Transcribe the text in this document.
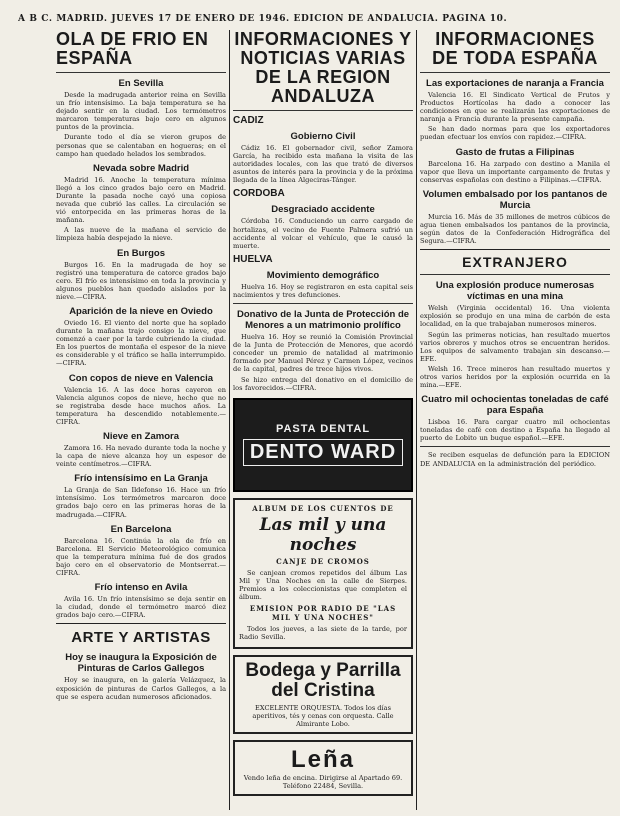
A B C. MADRID. JUEVES 17 DE ENERO DE 1946. EDICION DE ANDALUCIA. PAGINA 10.
OLA DE FRIO EN ESPAÑA
En Sevilla
Desde la madrugada anterior reina en Sevilla un frío intensísimo. La baja temperatura se ha dejado sentir en la ciudad. Los termómetros marcaron temperaturas bajo cero en algunos puntos de la provincia.
Durante todo el día se vieron grupos de personas que se calentaban en hogueras; en el campo han quedado helados los sembrados.
Nevada sobre Madrid
Madrid 16. Anoche la temperatura mínima llegó a los cinco grados bajo cero en Madrid. Durante la pasada noche cayó una copiosa nevada que cubrió las calles. La circulación se vió entorpecida en las primeras horas de la mañana.
A las nueve de la mañana el servicio de limpieza había despejado la nieve.
En Burgos
Burgos 16. En la madrugada de hoy se registró una temperatura de catorce grados bajo cero. El frío es intensísimo en toda la provincia y algunos pueblos han quedado aislados por la nieve.—CIFRA.
Aparición de la nieve en Oviedo
Oviedo 16. El viento del norte que ha soplado durante la mañana trajo consigo la nieve, que comenzó a caer por la tarde cubriendo la ciudad. En los puertos de montaña el espesor de la nieve es considerable y el tráfico se halla interrumpido.—CIFRA.
Con copos de nieve en Valencia
Valencia 16. A las doce horas cayeron en Valencia algunos copos de nieve, hecho que no se registraba desde hace muchos años. La temperatura ha descendido notablemente.—CIFRA.
Nieve en Zamora
Zamora 16. Ha nevado durante toda la noche y la capa de nieve alcanza hoy un espesor de veinte centímetros.—CIFRA.
Frío intensísimo en La Granja
La Granja de San Ildefonso 16. Hace un frío intensísimo. Los termómetros marcaron doce grados bajo cero en las primeras horas de la madrugada.—CIFRA.
En Barcelona
Barcelona 16. Continúa la ola de frío en Barcelona. El Servicio Meteorológico comunica que la temperatura mínima fué de dos grados bajo cero en el observatorio de Montserrat.—CIFRA.
Frío intenso en Avila
Avila 16. Un frío intensísimo se deja sentir en la ciudad, donde el termómetro marcó diez grados bajo cero.—CIFRA.
ARTE Y ARTISTAS
Hoy se inaugura la Exposición de Pinturas de Carlos Gallegos
Hoy se inaugura, en la galería Velázquez, la exposición de pinturas de Carlos Gallegos, a la que se espera acudan numerosos aficionados.
INFORMACIONES Y NOTICIAS VARIAS DE LA REGION ANDALUZA
CADIZ
Gobierno Civil
Cádiz 16. El gobernador civil, señor Zamora García, ha recibido esta mañana la visita de las autoridades locales, con las que trató de diversos asuntos de interés para la provincia y de la próxima llegada de la línea Algeciras-Tánger.
CORDOBA
Desgraciado accidente
Córdoba 16. Conduciendo un carro cargado de hortalizas, el vecino de Fuente Palmera sufrió un accidente al volcar el vehículo, que le causó la muerte.
HUELVA
Movimiento demográfico
Huelva 16. Hoy se registraron en esta capital seis nacimientos y tres defunciones.
Donativo de la Junta de Protección de Menores a un matrimonio prolífico
Huelva 16. Hoy se reunió la Comisión Provincial de la Junta de Protección de Menores, que acordó conceder un premio de natalidad al matrimonio formado por Manuel Pérez y Carmen López, vecinos de la capital, padres de trece hijos vivos.
Se hizo entrega del donativo en el domicilio de los favorecidos.—CIFRA.
PASTA DENTAL
DENTO WARD
ALBUM DE LOS CUENTOS DE
Las mil y una noches
CANJE DE CROMOS
Se canjean cromos repetidos del álbum Las Mil y Una Noches en la calle de Sierpes. Premios a los coleccionistas que completen el álbum.
EMISION POR RADIO DE "LAS MIL Y UNA NOCHES"
Todos los jueves, a las siete de la tarde, por Radio Sevilla.
Bodega y Parrilla del Cristina
EXCELENTE ORQUESTA. Todos los días aperitivos, tés y cenas con orquesta. Calle Almirante Lobo.
Leña
Vendo leña de encina. Dirigirse al Apartado 69. Teléfono 22484, Sevilla.
INFORMACIONES DE TODA ESPAÑA
Las exportaciones de naranja a Francia
Valencia 16. El Sindicato Vertical de Frutos y Productos Hortícolas ha dado a conocer las condiciones en que se realizarán las exportaciones de naranja a Francia durante la presente campaña.
Se han dado normas para que los exportadores puedan efectuar los envíos con rapidez.—CIFRA.
Gasto de frutas a Filipinas
Barcelona 16. Ha zarpado con destino a Manila el vapor que lleva un importante cargamento de frutas y conservas españolas con destino a Filipinas.—CIFRA.
Volumen embalsado por los pantanos de Murcia
Murcia 16. Más de 35 millones de metros cúbicos de agua tienen embalsados los pantanos de la provincia, según datos de la Confederación Hidrográfica del Segura.—CIFRA.
EXTRANJERO
Una explosión produce numerosas víctimas en una mina
Welsh (Virginia occidental) 16. Una violenta explosión se produjo en una mina de carbón de esta localidad, en la que trabajaban numerosos mineros.
Según las primeras noticias, han resultado muertos varios obreros y muchos otros se encuentran heridos. Los equipos de salvamento trabajan sin descanso.—EFE.
Welsh 16. Trece mineros han resultado muertos y otros varios heridos por la explosión ocurrida en la mina.—EFE.
Cuatro mil ochocientas toneladas de café para España
Lisboa 16. Para cargar cuatro mil ochocientas toneladas de café con destino a España ha llegado al puerto de Lobito un buque español.—EFE.
Se reciben esquelas de defunción para la EDICION DE ANDALUCIA en la administración del periódico.
